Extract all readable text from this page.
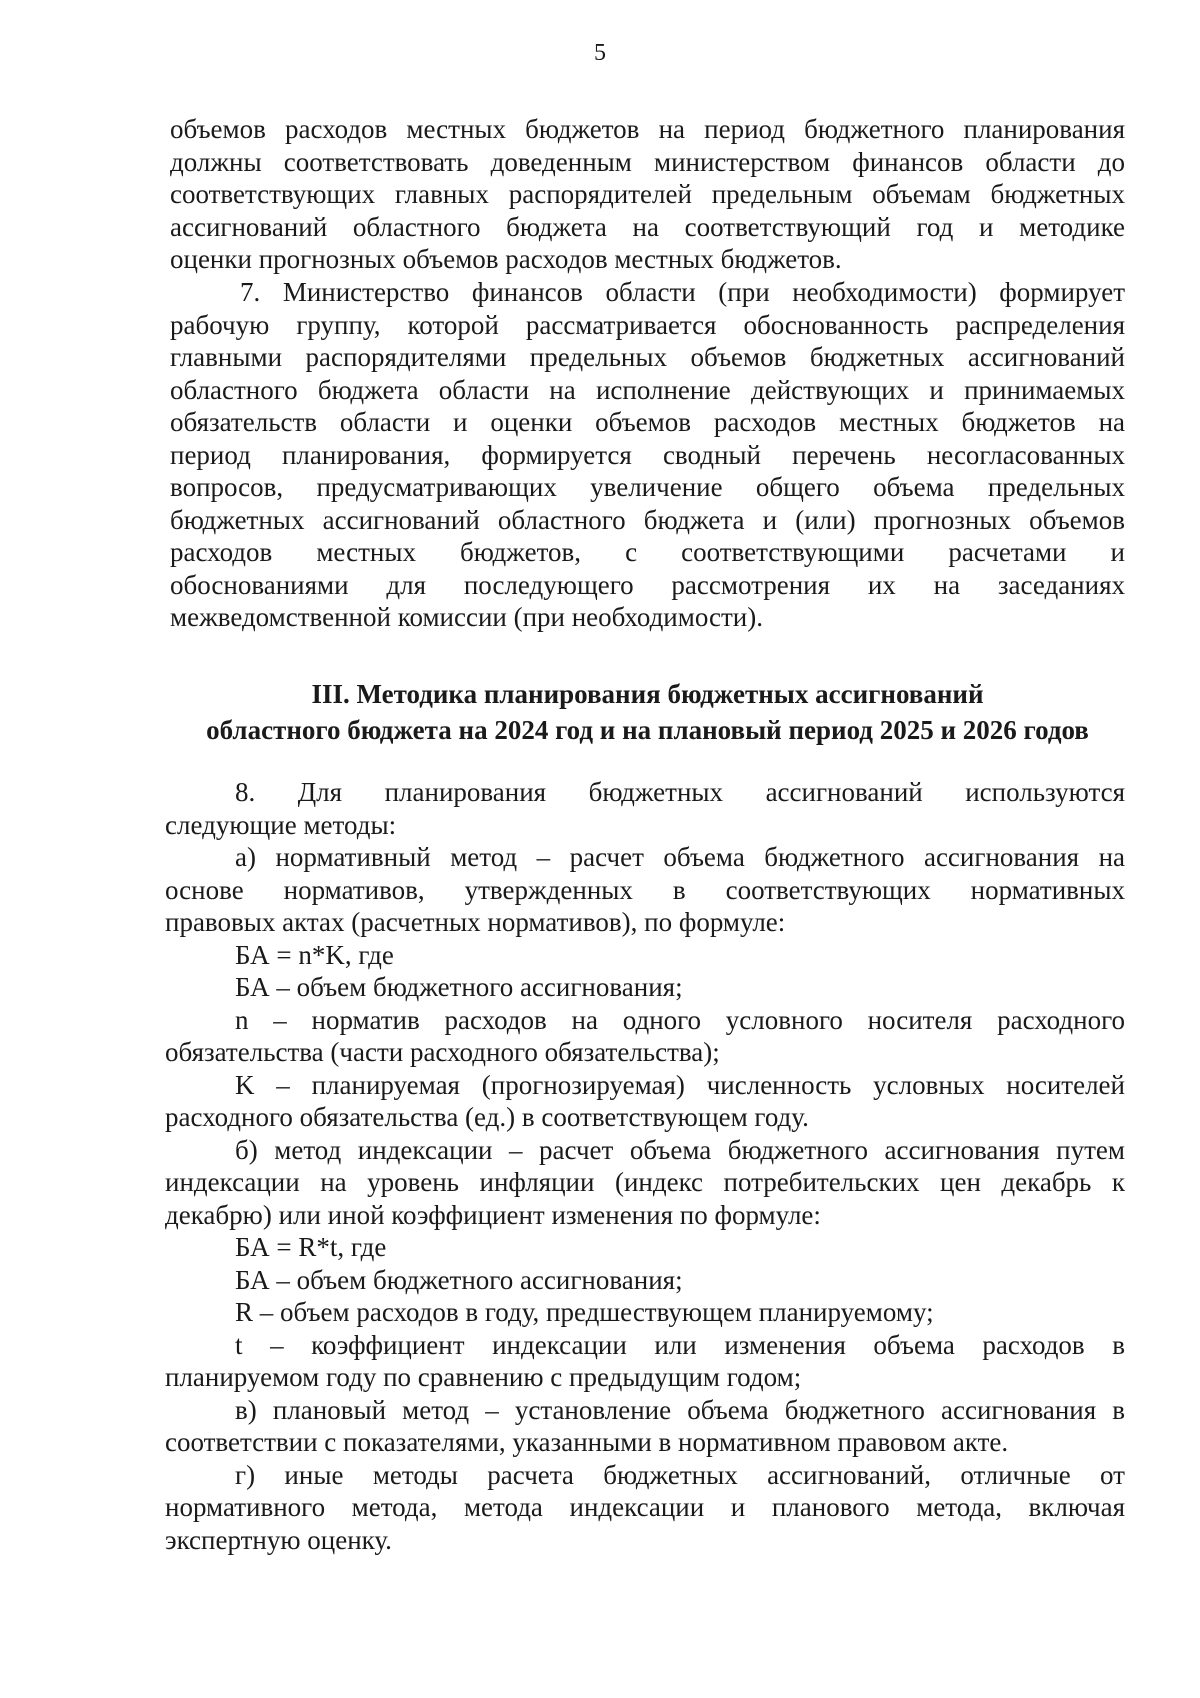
5
объемов расходов местных бюджетов на период бюджетного планирования
должны соответствовать доведенным министерством финансов области до
соответствующих главных распорядителей предельным объемам бюджетных
ассигнований областного бюджета на соответствующий год и методике
оценки прогнозных объемов расходов местных бюджетов.
7. Министерство финансов области (при необходимости) формирует
рабочую группу, которой рассматривается обоснованность распределения
главными распорядителями предельных объемов бюджетных ассигнований
областного бюджета области на исполнение действующих и принимаемых
обязательств области и оценки объемов расходов местных бюджетов на
период планирования, формируется сводный перечень несогласованных
вопросов, предусматривающих увеличение общего объема предельных
бюджетных ассигнований областного бюджета и (или) прогнозных объемов
расходов местных бюджетов, с соответствующими расчетами и
обоснованиями для последующего рассмотрения их на заседаниях
межведомственной комиссии (при необходимости).
III. Методика планирования бюджетных ассигнований
областного бюджета на 2024 год и на плановый период 2025 и 2026 годов
8. Для планирования бюджетных ассигнований используются
следующие методы:
а) нормативный метод – расчет объема бюджетного ассигнования на
основе нормативов, утвержденных в соответствующих нормативных
правовых актах (расчетных нормативов), по формуле:
БА = n*K, где
БА – объем бюджетного ассигнования;
n – норматив расходов на одного условного носителя расходного
обязательства (части расходного обязательства);
K – планируемая (прогнозируемая) численность условных носителей
расходного обязательства (ед.) в соответствующем году.
б) метод индексации – расчет объема бюджетного ассигнования путем
индексации на уровень инфляции (индекс потребительских цен декабрь к
декабрю) или иной коэффициент изменения по формуле:
БА = R*t, где
БА – объем бюджетного ассигнования;
R – объем расходов в году, предшествующем планируемому;
t – коэффициент индексации или изменения объема расходов в
планируемом году по сравнению с предыдущим годом;
в) плановый метод – установление объема бюджетного ассигнования в
соответствии с показателями, указанными в нормативном правовом акте.
г) иные методы расчета бюджетных ассигнований, отличные от
нормативного метода, метода индексации и планового метода, включая
экспертную оценку.
